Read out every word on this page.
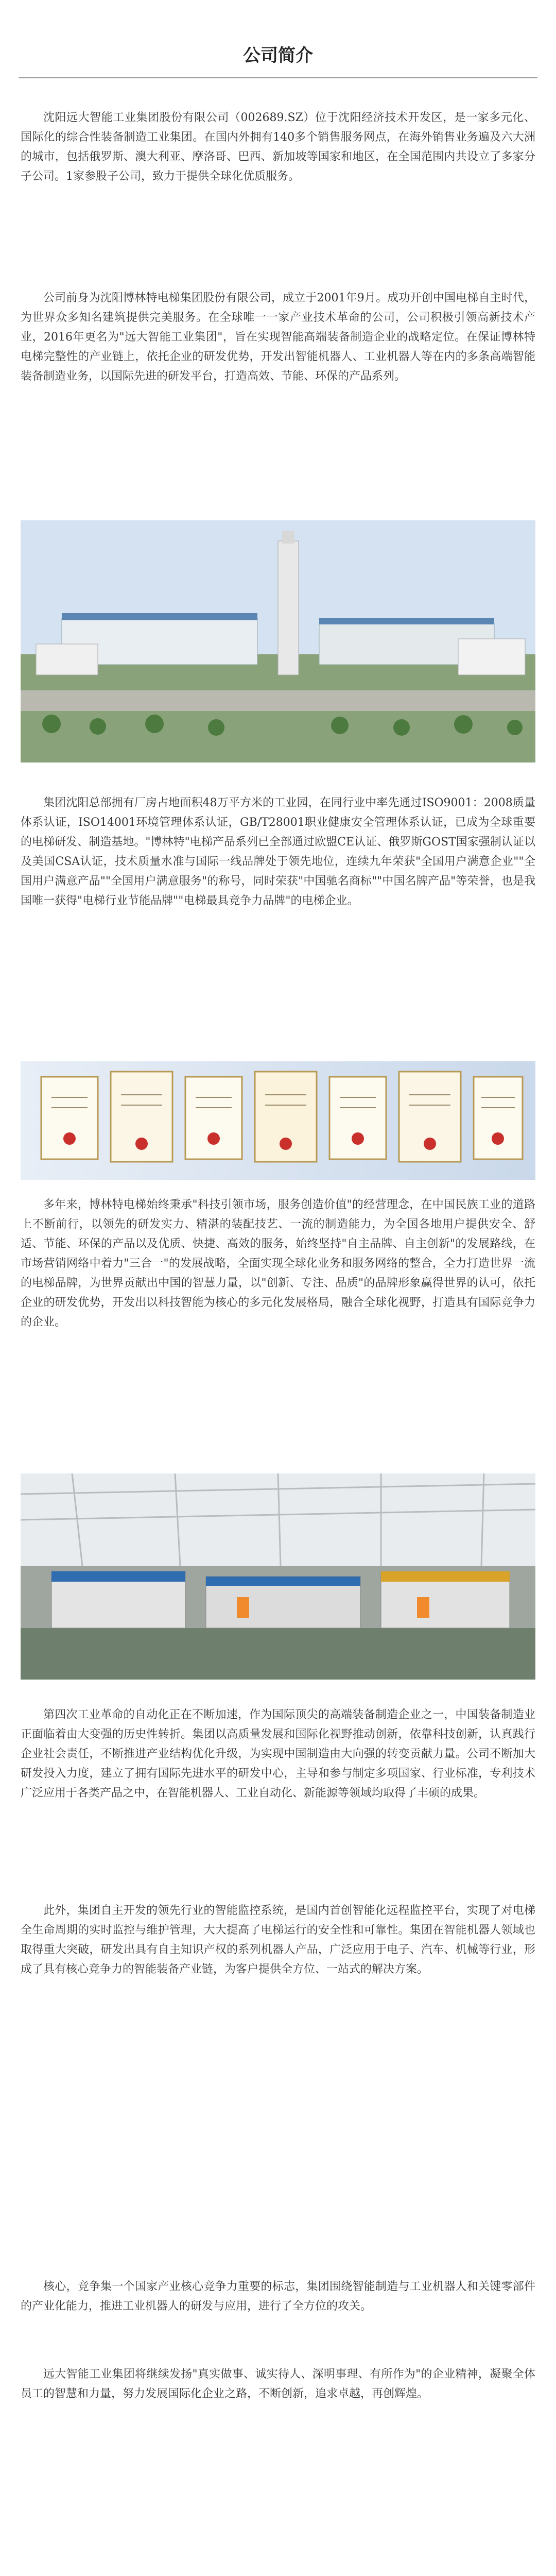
公司简介

沈阳远大智能工业集团股份有限公司（002689.SZ）位于沈阳经济技术开发区，是一家多元化、国际化的综合性装备制造工业集团。在国内外拥有140多个销售服务网点，在海外销售业务遍及六大洲的城市，包括俄罗斯、澳大利亚、摩洛哥、巴西、新加坡等国家和地区，在全国范围内共设立了多家分子公司。1家参股子公司，致力于提供全球化优质服务。

公司前身为沈阳博林特电梯集团股份有限公司，成立于2001年9月。成功开创中国电梯自主时代，为世界众多知名建筑提供完美服务。在全球唯一一家产业技术革命的公司，公司积极引领高新技术产业，2016年更名为"远大智能工业集团"，旨在实现智能高端装备制造企业的战略定位。在保证博林特电梯完整性的产业链上，依托企业的研发优势，开发出智能机器人、工业机器人等在内的多条高端智能装备制造业务，以国际先进的研发平台，打造高效、节能、环保的产品系列。

集团沈阳总部拥有厂房占地面积48万平方米的工业园，在同行业中率先通过ISO9001：2008质量体系认证，ISO14001环境管理体系认证，GB/T28001职业健康安全管理体系认证，已成为全球重要的电梯研发、制造基地。"博林特"电梯产品系列已全部通过欧盟CE认证、俄罗斯GOST国家强制认证以及美国CSA认证，技术质量水准与国际一线品牌处于领先地位，连续九年荣获"全国用户满意企业""全国用户满意产品""全国用户满意服务"的称号，同时荣获"中国驰名商标""中国名牌产品"等荣誉，也是我国唯一获得"电梯行业节能品牌""电梯最具竞争力品牌"的电梯企业。

多年来，博林特电梯始终秉承"科技引领市场，服务创造价值"的经营理念，在中国民族工业的道路上不断前行，以领先的研发实力、精湛的装配技艺、一流的制造能力，为全国各地用户提供安全、舒适、节能、环保的产品以及优质、快捷、高效的服务，始终坚持"自主品牌、自主创新"的发展路线，在市场营销网络中着力"三合一"的发展战略，全面实现全球化业务和服务网络的整合，全力打造世界一流的电梯品牌，为世界贡献出中国的智慧力量，以"创新、专注、品质"的品牌形象赢得世界的认可，依托企业的研发优势，开发出以科技智能为核心的多元化发展格局，融合全球化视野，打造具有国际竞争力的企业。

第四次工业革命的自动化正在不断加速，作为国际顶尖的高端装备制造企业之一，中国装备制造业正面临着由大变强的历史性转折。集团以高质量发展和国际化视野推动创新，依靠科技创新，认真践行企业社会责任，不断推进产业结构优化升级，为实现中国制造由大向强的转变贡献力量。公司不断加大研发投入力度，建立了拥有国际先进水平的研发中心，主导和参与制定多项国家、行业标准，专利技术广泛应用于各类产品之中，在智能机器人、工业自动化、新能源等领域均取得了丰硕的成果。

此外，集团自主开发的领先行业的智能监控系统，是国内首创智能化远程监控平台，实现了对电梯全生命周期的实时监控与维护管理，大大提高了电梯运行的安全性和可靠性。集团在智能机器人领域也取得重大突破，研发出具有自主知识产权的系列机器人产品，广泛应用于电子、汽车、机械等行业，形成了具有核心竞争力的智能装备产业链，为客户提供全方位、一站式的解决方案。

核心，竞争集一个国家产业核心竞争力重要的标志，集团围绕智能制造与工业机器人和关键零部件的产业化能力，推进工业机器人的研发与应用，进行了全方位的攻关。

远大智能工业集团将继续发扬"真实做事、诚实待人、深明事理、有所作为"的企业精神，凝聚全体员工的智慧和力量，努力发展国际化企业之路，不断创新，追求卓越，再创辉煌。
